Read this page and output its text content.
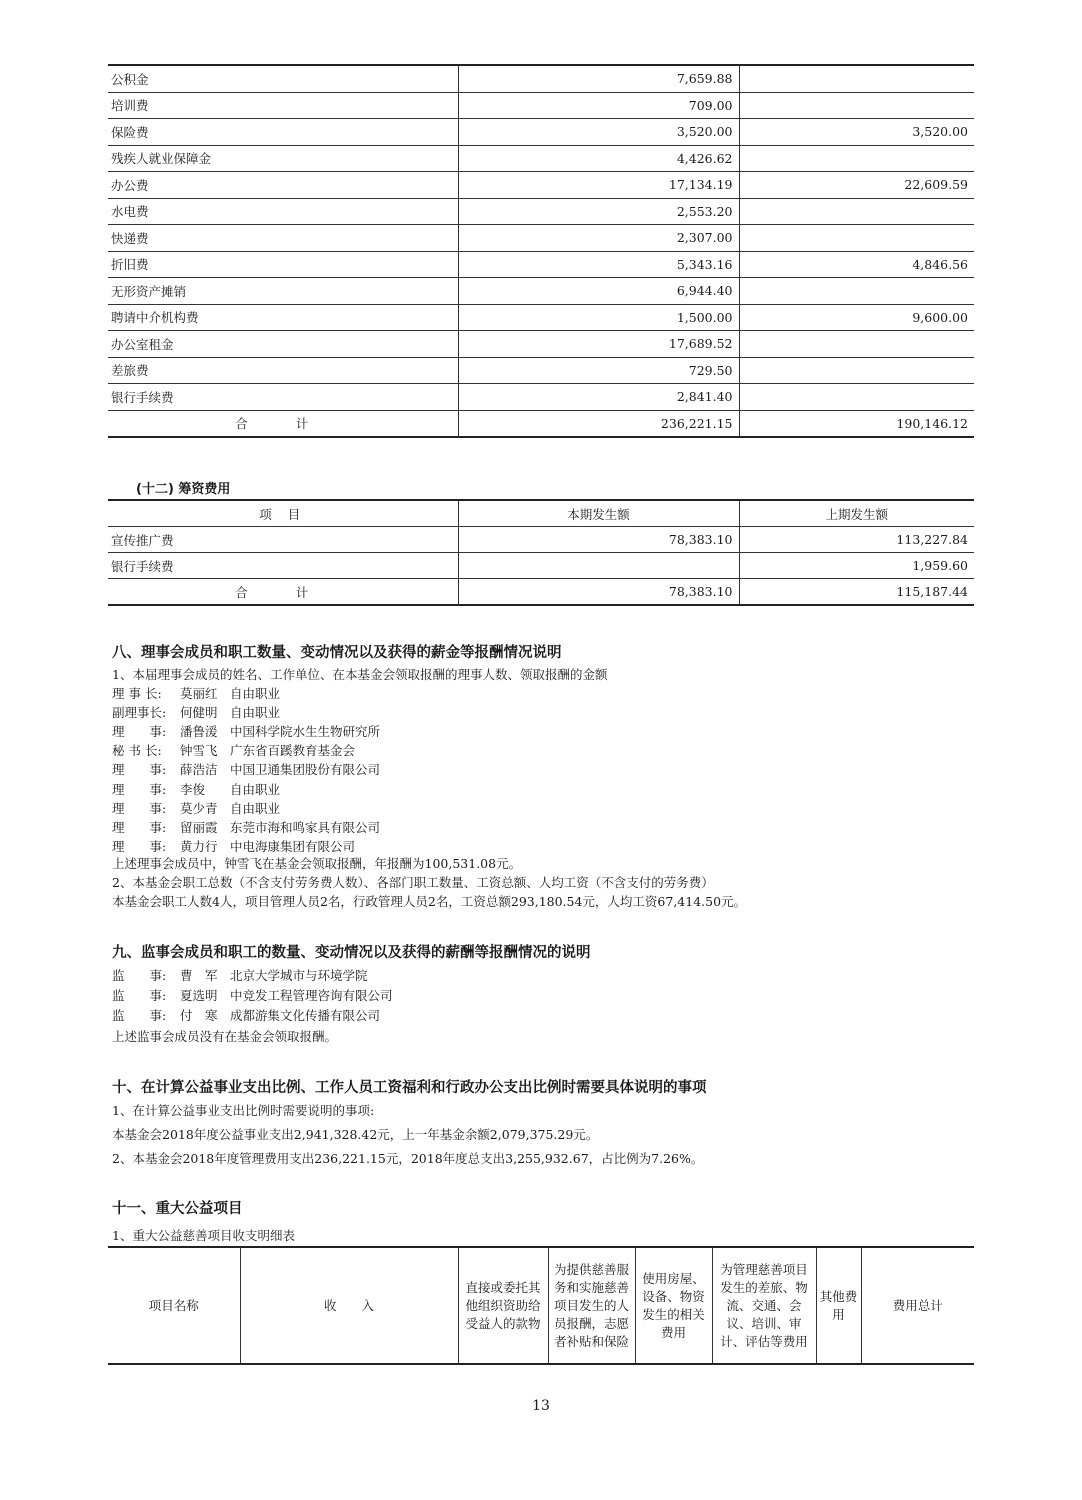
公积金	7,659.88	
培训费	709.00	
保险费	3,520.00	3,520.00
残疾人就业保障金	4,426.62	
办公费	17,134.19	22,609.59
水电费	2,553.20	
快递费	2,307.00	
折旧费	5,343.16	4,846.56
无形资产摊销	6,944.40	
聘请中介机构费	1,500.00	9,600.00
办公室租金	17,689.52	
差旅费	729.50	
银行手续费	2,841.40	
合 计	236,221.15	190,146.12
(十二) 筹资费用
项 目	本期发生额	上期发生额
宣传推广费	78,383.10	113,227.84
银行手续费		1,959.60
合 计	78,383.10	115,187.44
八、理事会成员和职工数量、变动情况以及获得的薪金等报酬情况说明
1、本届理事会成员的姓名、工作单位、在本基金会领取报酬的理事人数、领取报酬的金额
理 事 长: 莫丽红 自由职业
副理事长: 何健明 自由职业
理　　事: 潘鲁湲 中国科学院水生生物研究所
秘 书 长: 钟雪飞 广东省百蹊教育基金会
理　　事: 薛浩洁 中国卫通集团股份有限公司
理　　事: 李俊 自由职业
理　　事: 莫少青 自由职业
理　　事: 留丽霞 东莞市海和鸣家具有限公司
理　　事: 黄力行 中电海康集团有限公司
上述理事会成员中，钟雪飞在基金会领取报酬，年报酬为100,531.08元。
2、本基金会职工总数（不含支付劳务费人数）、各部门职工数量、工资总额、人均工资（不含支付的劳务费）
本基金会职工人数4人，项目管理人员2名，行政管理人员2名，工资总额293,180.54元，人均工资67,414.50元。
九、监事会成员和职工的数量、变动情况以及获得的薪酬等报酬情况的说明
监　　事: 曹　军 北京大学城市与环境学院
监　　事: 夏选明 中竞发工程管理咨询有限公司
监　　事: 付　寒 成都游集文化传播有限公司
上述监事会成员没有在基金会领取报酬。
十、在计算公益事业支出比例、工作人员工资福利和行政办公支出比例时需要具体说明的事项
1、在计算公益事业支出比例时需要说明的事项:
本基金会2018年度公益事业支出2,941,328.42元，上一年基金余额2,079,375.29元。
2、本基金会2018年度管理费用支出236,221.15元，2018年度总支出3,255,932.67，占比例为7.26%。
十一、重大公益项目
1、重大公益慈善项目收支明细表
项目名称	收　　入	直接或委托其他组织资助给受益人的款物	为提供慈善服务和实施慈善项目发生的人员报酬，志愿者补贴和保险	使用房屋、设备、物资发生的相关费用	为管理慈善项目发生的差旅、物流、交通、会议、培训、审计、评估等费用	其他费用	费用总计
13
